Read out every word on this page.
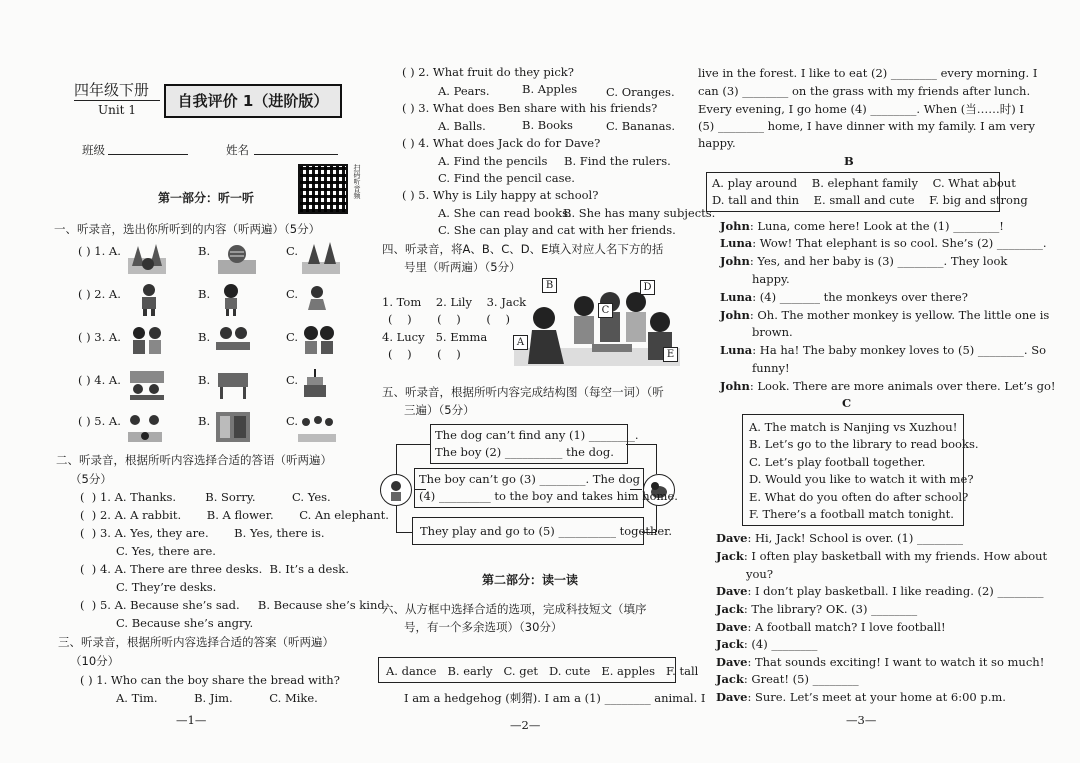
四年级下册
Unit 1	自我评价 1（进阶版）
班级	姓名
第一部分：听一听	扫码听音频
一、听录音，选出你所听到的内容（听两遍）（5分）
( ) 1. A.	B.	C.
( ) 2. A.	B.	C.
( ) 3. A.	B.	C.
( ) 4. A.	B.	C.
( ) 5. A.	B.	C.
二、听录音，根据所听内容选择合适的答语（听两遍）
（5分）
(  ) 1. A. Thanks.        B. Sorry.          C. Yes.
(  ) 2. A. A rabbit.       B. A flower.       C. An elephant.
(  ) 3. A. Yes, they are.       B. Yes, there is.
C. Yes, there are.
(  ) 4. A. There are three desks.  B. It’s a desk.
C. They’re desks.
(  ) 5. A. Because she’s sad.     B. Because she’s kind.
C. Because she’s angry.
三、听录音，根据所听内容选择合适的答案（听两遍）
（10分）
( ) 1. Who can the boy share the bread with?
A. Tim.          B. Jim.          C. Mike.
—1—
( ) 2. What fruit do they pick?
A. Pears.	B. Apples	C. Oranges.
( ) 3. What does Ben share with his friends?
A. Balls.	B. Books	C. Bananas.
( ) 4. What does Jack do for Dave?
A. Find the pencils B. Find the rulers.
C. Find the pencil case.
( ) 5. Why is Lily happy at school?
A. She can read books.
B. She has many subjects.
C. She can play and cat with her friends.
四、听录音，将A、B、C、D、E填入对应人名下方的括
号里（听两遍）（5分）
1. Tom    2. Lily    3. Jack
(    )       (    )       (    )
4. Lucy   5. Emma
(    )       (    )
A
B
C
D
E
五、听录音，根据所听内容完成结构图（每空一词）（听
三遍）（5分）
The dog can’t find any (1) ________.
The boy (2) __________ the dog.
The boy can’t go (3) ________. The dog
(4) _________ to the boy and takes him home.
They play and go to (5) __________ together.
第二部分：读一读
六、从方框中选择合适的选项，完成科技短文（填序
号，有一个多余选项）（30分）
A. dance   B. early   C. get   D. cute   E. apples   F. tall
I am a hedgehog (刺猬). I am a (1) ________ animal. I
—2—
live in the forest. I like to eat (2) ________ every morning. I
can (3) ________ on the grass with my friends after lunch.
Every evening, I go home (4) ________. When (当……时) I
(5) ________ home, I have dinner with my family. I am very
happy.
B
A. play around    B. elephant family    C. What about
D. tall and thin    E. small and cute    F. big and strong
John: Luna, come here! Look at the (1) ________!
Luna: Wow! That elephant is so cool. She’s (2) ________.
John: Yes, and her baby is (3) ________. They look
happy.
Luna: (4) _______ the monkeys over there?
John: Oh. The mother monkey is yellow. The little one is
brown.
Luna: Ha ha! The baby monkey loves to (5) ________. So
funny!
John: Look. There are more animals over there. Let’s go!
C
A. The match is Nanjing vs Xuzhou!
B. Let’s go to the library to read books.
C. Let’s play football together.
D. Would you like to watch it with me?
E. What do you often do after school?
F. There’s a football match tonight.
Dave: Hi, Jack! School is over. (1) ________
Jack: I often play basketball with my friends. How about
you?
Dave: I don’t play basketball. I like reading. (2) ________
Jack: The library? OK. (3) ________
Dave: A football match? I love football!
Jack: (4) ________
Dave: That sounds exciting! I want to watch it so much!
Jack: Great! (5) ________
Dave: Sure. Let’s meet at your home at 6:00 p.m.
—3—
